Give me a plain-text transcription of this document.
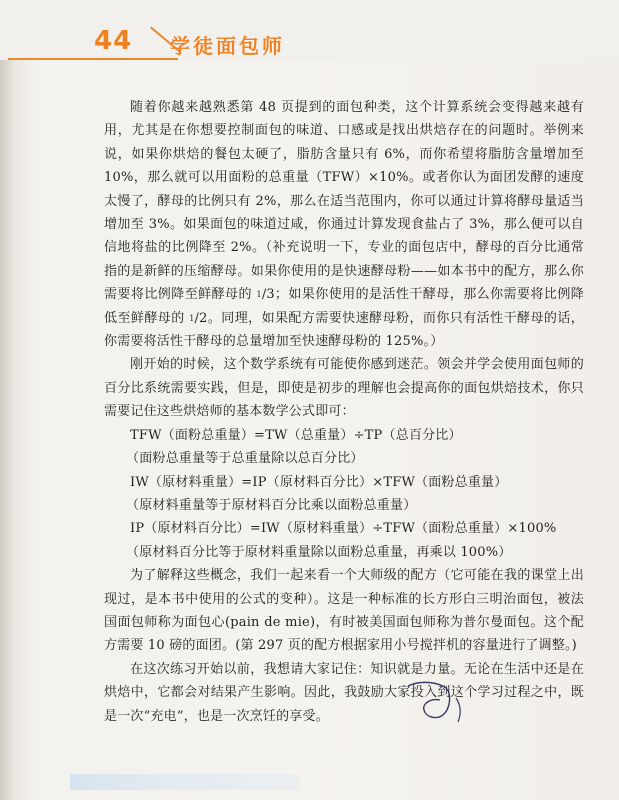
44 学徒面包师

随着你越来越熟悉第 48 页提到的面包种类，这个计算系统会变得越来越有用，尤其是在你想要控制面包的味道、口感或是找出烘焙存在的问题时。举例来说，如果你烘焙的餐包太硬了，脂肪含量只有 6%，而你希望将脂肪含量增加至 10%，那么就可以用面粉的总重量（TFW）×10%。或者你认为面团发酵的速度太慢了，酵母的比例只有 2%，那么在适当范围内，你可以通过计算将酵母量适当增加至 3%。如果面包的味道过咸，你通过计算发现食盐占了 3%，那么便可以自信地将盐的比例降至 2%。（补充说明一下，专业的面包店中，酵母的百分比通常指的是新鲜的压缩酵母。如果你使用的是快速酵母粉——如本书中的配方，那么你需要将比例降至鲜酵母的 $^1$/3；如果你使用的是活性干酵母，那么你需要将比例降低至鲜酵母的 $^1$/2。同理，如果配方需要快速酵母粉，而你只有活性干酵母的话，你需要将活性干酵母的总量增加至快速酵母粉的 125%。）

刚开始的时候，这个数学系统有可能使你感到迷茫。领会并学会使用面包师的百分比系统需要实践，但是，即使是初步的理解也会提高你的面包烘焙技术，你只需要记住这些烘焙师的基本数学公式即可：

TFW（面粉总重量）=TW（总重量）÷TP（总百分比）
（面粉总重量等于总重量除以总百分比）
IW（原材料重量）=IP（原材料百分比）×TFW（面粉总重量）
（原材料重量等于原材料百分比乘以面粉总重量）
IP（原材料百分比）=IW（原材料重量）÷TFW（面粉总重量）×100%
（原材料百分比等于原材料重量除以面粉总重量，再乘以 100%）

为了解释这些概念，我们一起来看一个大师级的配方（它可能在我的课堂上出现过，是本书中使用的公式的变种）。这是一种标准的长方形白三明治面包，被法国面包师称为面包心(pain de mie)，有时被美国面包师称为普尔曼面包。这个配方需要 10 磅的面团。(第 297 页的配方根据家用小号搅拌机的容量进行了调整。)

在这次练习开始以前，我想请大家记住：知识就是力量。无论在生活中还是在烘焙中，它都会对结果产生影响。因此，我鼓励大家投入到这个学习过程之中，既是一次“充电”，也是一次烹饪的享受。
